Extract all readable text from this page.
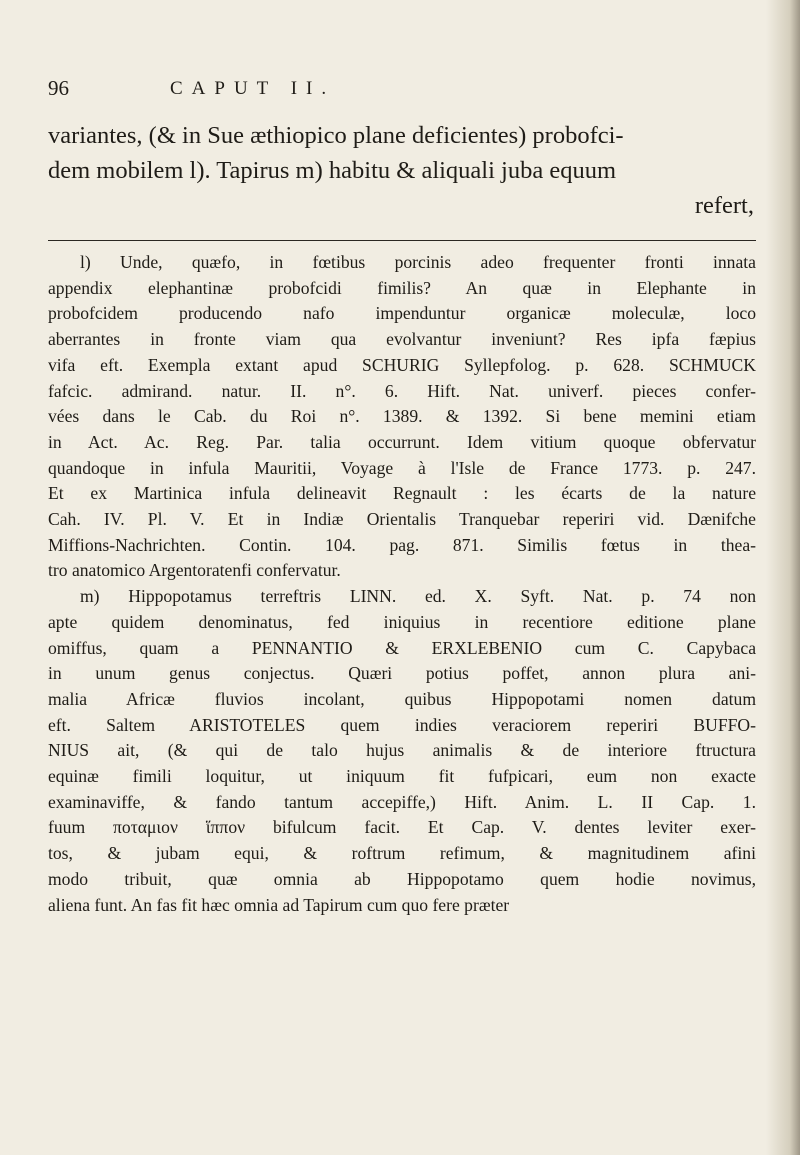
96	CAPUT II.
variantes, (& in Sue æthiopico plane deficientes) probofci-
dem mobilem l). Tapirus m) habitu & aliquali juba equum
refert,
l) Unde, quæfo, in fœtibus porcinis adeo frequenter fronti innata
appendix elephantinæ probofcidi fimilis? An quæ in Elephante in
probofcidem producendo nafo impenduntur organicæ moleculæ, loco
aberrantes in fronte viam qua evolvantur inveniunt? Res ipfa fæpius
vifa eft. Exempla extant apud SCHURIG Syllepfolog. p. 628. SCHMUCK
fafcic. admirand. natur. II. n°. 6. Hift. Nat. univerf. pieces confer-
vées dans le Cab. du Roi n°. 1389. & 1392. Si bene memini etiam
in Act. Ac. Reg. Par. talia occurrunt. Idem vitium quoque obfervatur
quandoque in infula Mauritii, Voyage à l'Isle de France 1773. p. 247.
Et ex Martinica infula delineavit Regnault : les écarts de la nature
Cah. IV. Pl. V. Et in Indiæ Orientalis Tranquebar reperiri vid. Dænifche
Miffions-Nachrichten. Contin. 104. pag. 871. Similis fœtus in thea-
tro anatomico Argentoratenfi confervatur.
m) Hippopotamus terreftris LINN. ed. X. Syft. Nat. p. 74 non
apte quidem denominatus, fed iniquius in recentiore editione plane
omiffus, quam a PENNANTIO & ERXLEBENIO cum C. Capybaca
in unum genus conjectus. Quæri potius poffet, annon plura ani-
malia Africæ fluvios incolant, quibus Hippopotami nomen datum
eft. Saltem ARISTOTELES quem indies veraciorem reperiri BUFFO-
NIUS ait, (& qui de talo hujus animalis & de interiore ftructura
equinæ fimili loquitur, ut iniquum fit fufpicari, eum non exacte
examinaviffe, & fando tantum accepiffe,) Hift. Anim. L. II Cap. 1.
fuum ποταμιον ἵππον bifulcum facit. Et Cap. V. dentes leviter exer-
tos, & jubam equi, & roftrum refimum, & magnitudinem afini
modo tribuit, quæ omnia ab Hippopotamo quem hodie novimus,
aliena funt. An fas fit hæc omnia ad Tapirum cum quo fere præter
